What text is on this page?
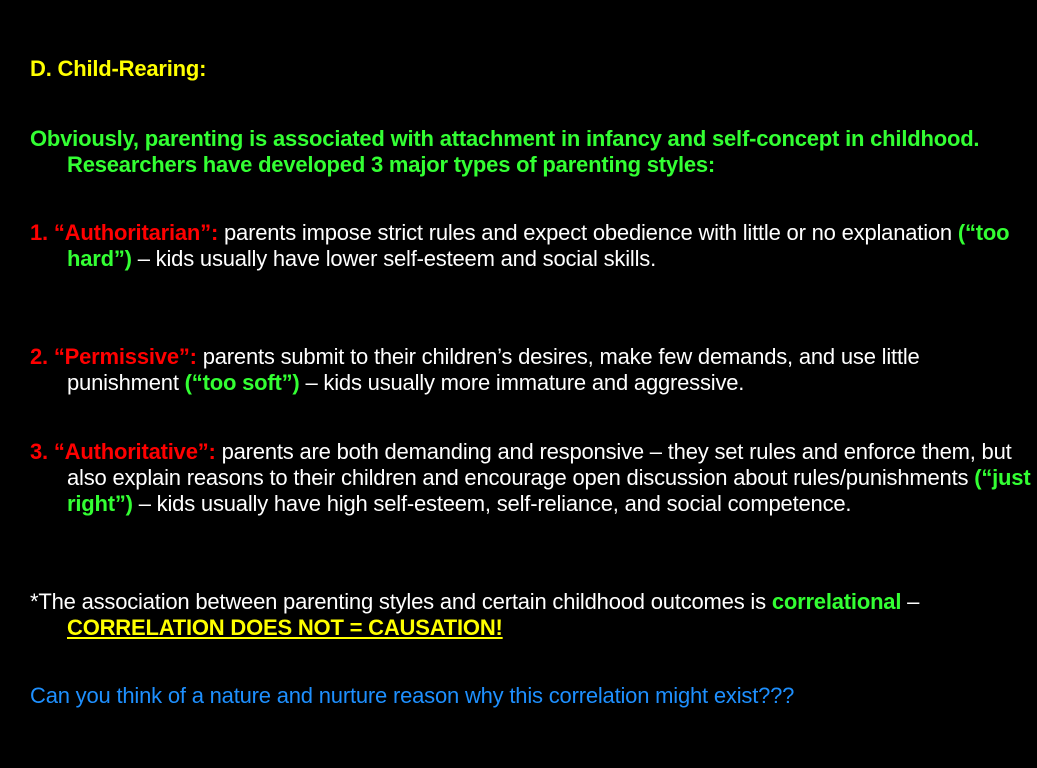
D. Child-Rearing:

Obviously, parenting is associated with attachment in infancy and self-concept in childhood. Researchers have developed 3 major types of parenting styles:

1. “Authoritarian”: parents impose strict rules and expect obedience with little or no explanation (“too hard”) – kids usually have lower self-esteem and social skills.

2. “Permissive”: parents submit to their children’s desires, make few demands, and use little punishment (“too soft”) – kids usually more immature and aggressive.

3. “Authoritative”: parents are both demanding and responsive – they set rules and enforce them, but also explain reasons to their children and encourage open discussion about rules/punishments (“just right”) – kids usually have high self-esteem, self-reliance, and social competence.

*The association between parenting styles and certain childhood outcomes is correlational – CORRELATION DOES NOT = CAUSATION!

Can you think of a nature and nurture reason why this correlation might exist???
